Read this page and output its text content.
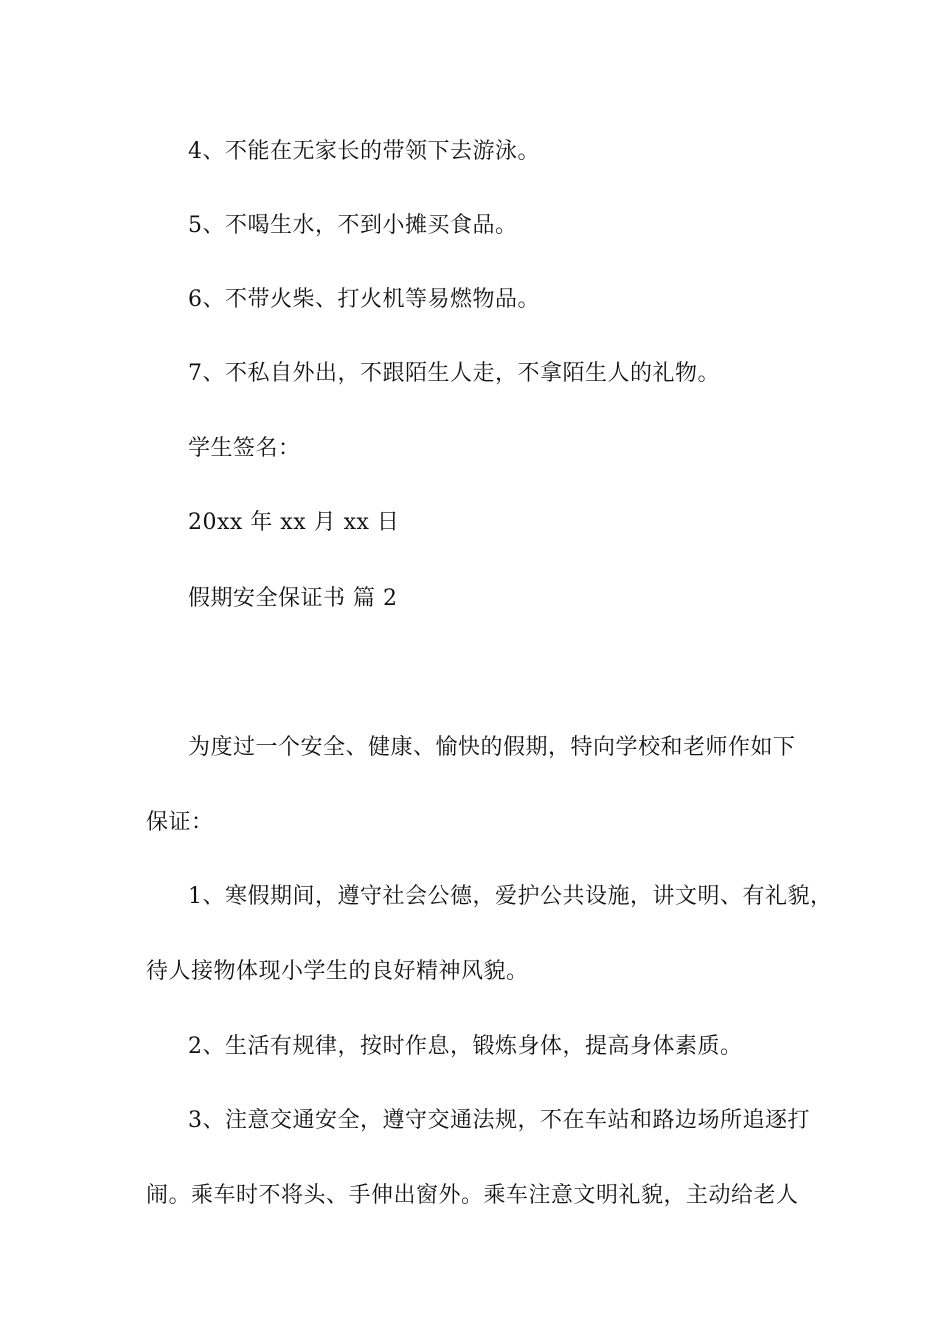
4、不能在无家长的带领下去游泳。
5、不喝生水，不到小摊买食品。
6、不带火柴、打火机等易燃物品。
7、不私自外出，不跟陌生人走，不拿陌生人的礼物。
学生签名：
20xx 年 xx 月 xx 日
假期安全保证书 篇 2
为度过一个安全、健康、愉快的假期，特向学校和老师作如下
保证：
1、寒假期间，遵守社会公德，爱护公共设施，讲文明、有礼貌，
待人接物体现小学生的良好精神风貌。
2、生活有规律，按时作息，锻炼身体，提高身体素质。
3、注意交通安全，遵守交通法规，不在车站和路边场所追逐打
闹。乘车时不将头、手伸出窗外。乘车注意文明礼貌，主动给老人
